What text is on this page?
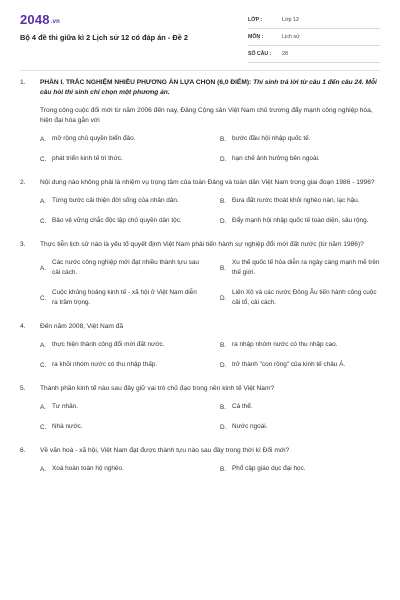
2048.vn
Bộ 4 đề thi giữa kì 2 Lịch sử 12 có đáp án - Đề 2
LỚP :	Lớp 12
MÔN :	Lịch sử
SỐ CÂU :	28
1.	PHẦN I. TRẮC NGHIỆM NHIỀU PHƯƠNG ÁN LỰA CHỌN (6,0 ĐIỂM): Thí sinh trả lời từ câu 1 đến câu 24. Mỗi câu hỏi thí sinh chỉ chọn một phương án.
Trong công cuộc đổi mới từ năm 2006 đến nay, Đảng Cộng sản Việt Nam chủ trương đẩy mạnh công nghiệp hóa, hiện đại hóa gắn với
A. mở rộng chủ quyền biển đảo.	B. bước đầu hội nhập quốc tế.
C. phát triển kinh tế tri thức.	D. hạn chế ảnh hưởng bên ngoài.
2.	Nội dung nào không phải là nhiệm vụ trọng tâm của toàn Đảng và toàn dân Việt Nam trong giai đoạn 1986 - 1996?
A. Từng bước cải thiện đời sống của nhân dân.	B. Đưa đất nước thoát khỏi nghèo nàn, lạc hậu.
C. Bảo vệ vững chắc độc lập chủ quyền dân tộc.	D. Đẩy mạnh hội nhập quốc tế toàn diện, sâu rộng.
3.	Thực tiễn lịch sử nào là yếu tố quyết định Việt Nam phải tiến hành sự nghiệp đổi mới đất nước (từ năm 1986)?
A.
Các nước công nghiệp mới đạt nhiều thành tựu sau cải cách.
B.
Xu thế quốc tế hóa diễn ra ngày càng mạnh mẽ trên thế giới.
C.
Cuộc khủng hoảng kinh tế - xã hội ở Việt Nam diễn ra trầm trọng.
D.
Liên Xô và các nước Đông Âu tiến hành công cuộc cải tổ, cải cách.
4.	Đến năm 2008, Việt Nam đã
A. thực hiện thành công đổi mới đất nước.	B. ra nhập nhóm nước có thu nhập cao.
C. ra khỏi nhóm nước có thu nhập thấp.	D. trở thành "con rồng" của kinh tế châu Á.
5.	Thành phần kinh tế nào sau đây giữ vai trò chủ đạo trong nền kinh tế Việt Nam?
A. Tư nhân.	B. Cá thể.
C. Nhà nước.	D. Nước ngoài.
6.	Về văn hoá - xã hội, Việt Nam đạt được thành tựu nào sau đây trong thời kì Đổi mới?
A. Xoá hoàn toàn hộ nghèo.	B. Phổ cập giáo dục đại học.
